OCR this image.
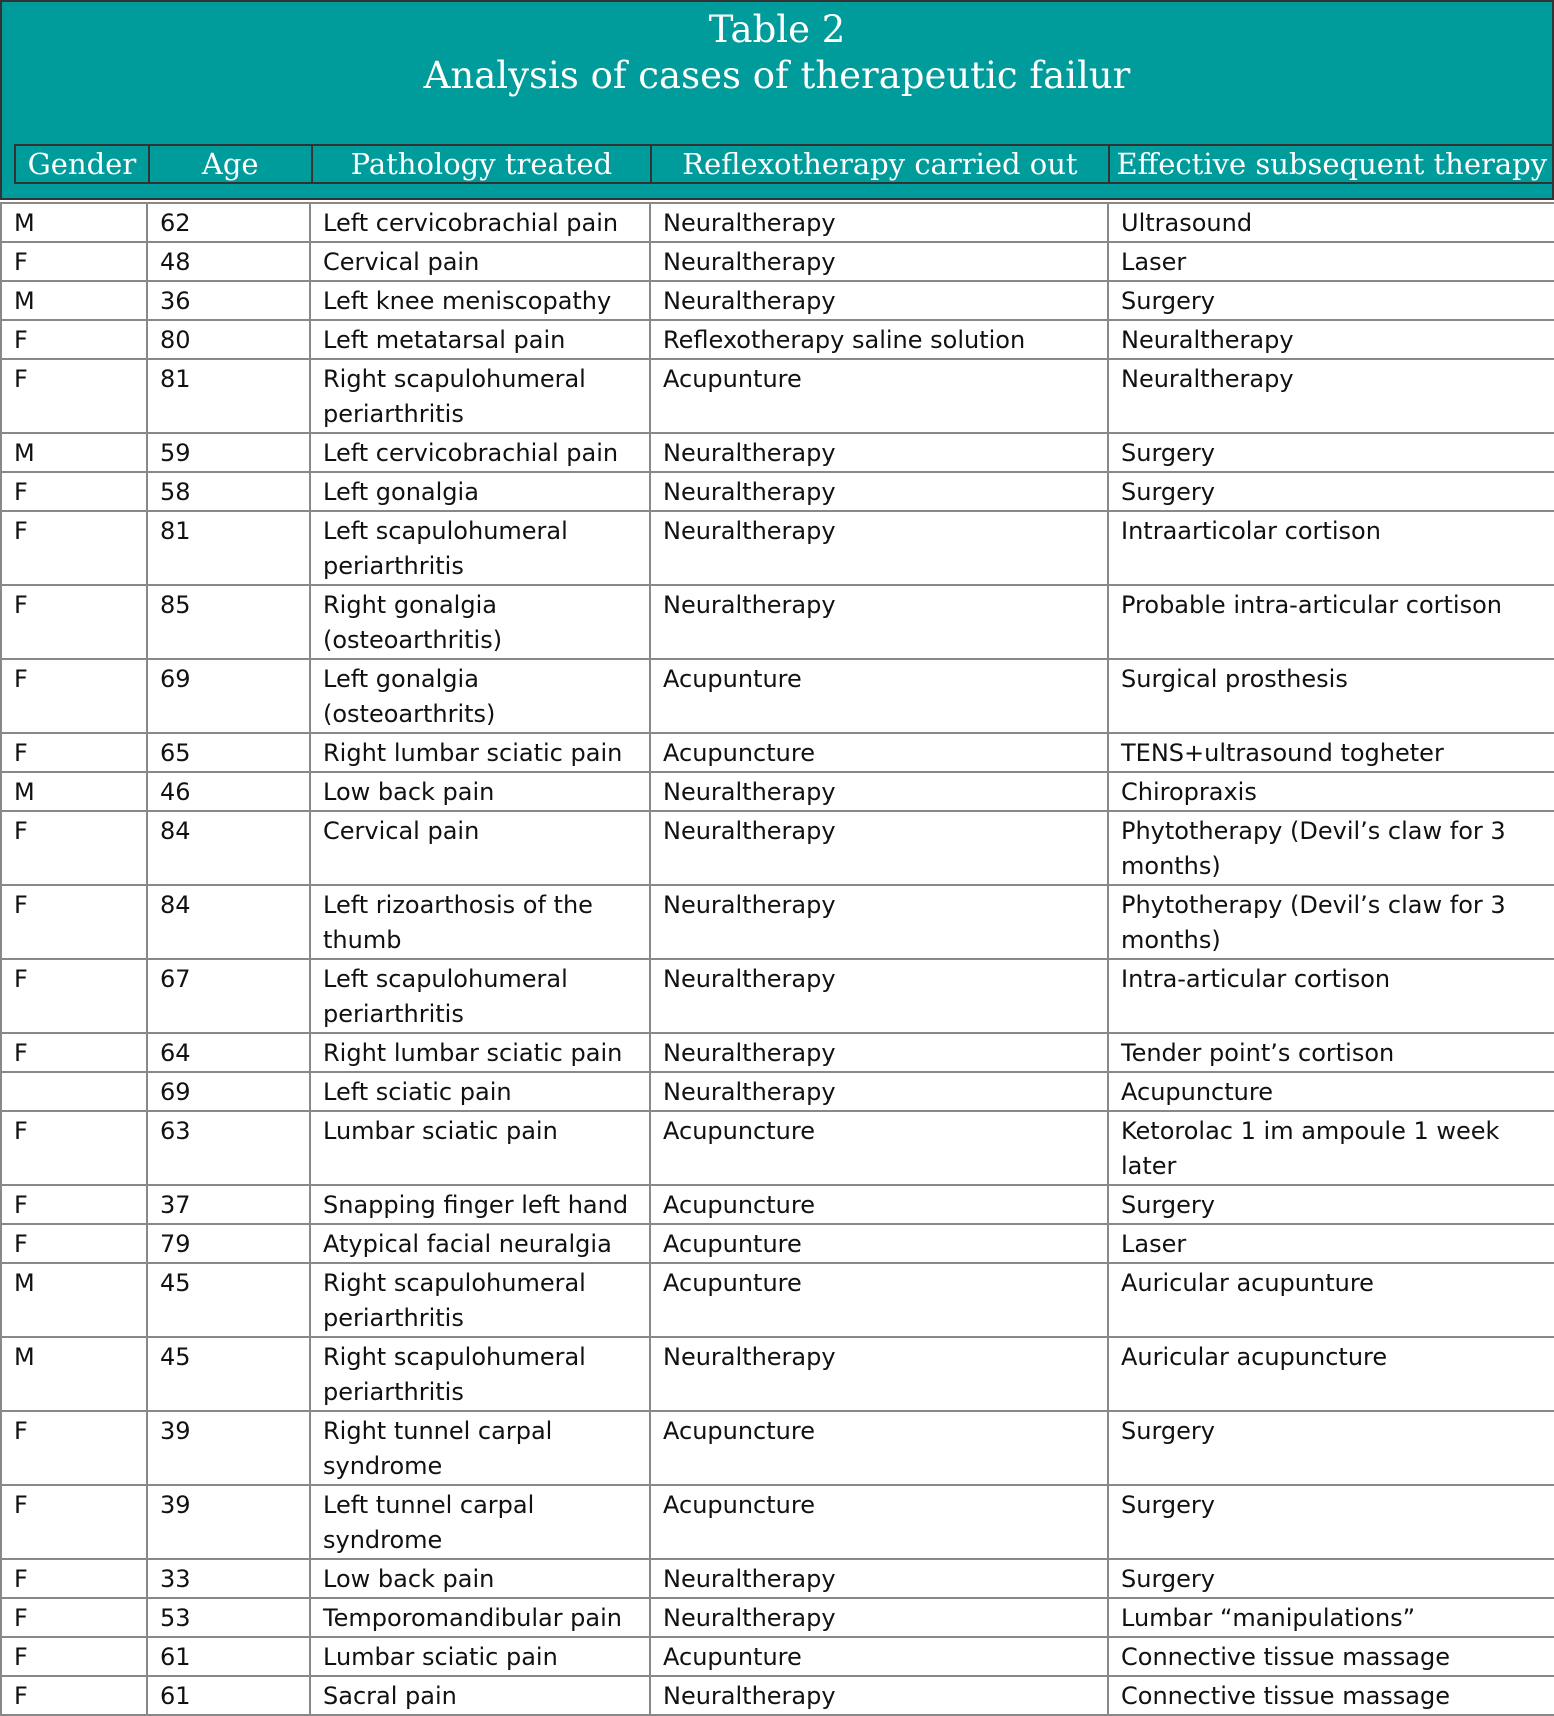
Table 2
Analysis of cases of therapeutic failur
Gender	Age	Pathology treated	Reflexotherapy carried out	Effective subsequent therapy
M	62	Left cervicobrachial pain	Neuraltherapy	Ultrasound
F	48	Cervical pain	Neuraltherapy	Laser
M	36	Left knee meniscopathy	Neuraltherapy	Surgery
F	80	Left metatarsal pain	Reflexotherapy saline solution	Neuraltherapy
F	81	Right scapulohumeral periarthritis	Acupunture	Neuraltherapy
M	59	Left cervicobrachial pain	Neuraltherapy	Surgery
F	58	Left gonalgia	Neuraltherapy	Surgery
F	81	Left scapulohumeral periarthritis	Neuraltherapy	Intraarticolar cortison
F	85	Right gonalgia (osteoarthritis)	Neuraltherapy	Probable intra-articular cortison
F	69	Left gonalgia (osteoarthrits)	Acupunture	Surgical prosthesis
F	65	Right lumbar sciatic pain	Acupuncture	TENS+ultrasound togheter
M	46	Low back pain	Neuraltherapy	Chiropraxis
F	84	Cervical pain	Neuraltherapy	Phytotherapy (Devil’s claw for 3 months)
F	84	Left rizoarthosis of the thumb	Neuraltherapy	Phytotherapy (Devil’s claw for 3 months)
F	67	Left scapulohumeral periarthritis	Neuraltherapy	Intra-articular cortison
F	64	Right lumbar sciatic pain	Neuraltherapy	Tender point’s cortison
	69	Left sciatic pain	Neuraltherapy	Acupuncture
F	63	Lumbar sciatic pain	Acupuncture	Ketorolac 1 im ampoule 1 week later
F	37	Snapping finger left hand	Acupuncture	Surgery
F	79	Atypical facial neuralgia	Acupunture	Laser
M	45	Right scapulohumeral periarthritis	Acupunture	Auricular acupunture
M	45	Right scapulohumeral periarthritis	Neuraltherapy	Auricular acupuncture
F	39	Right tunnel carpal syndrome	Acupuncture	Surgery
F	39	Left tunnel carpal syndrome	Acupuncture	Surgery
F	33	Low back pain	Neuraltherapy	Surgery
F	53	Temporomandibular pain	Neuraltherapy	Lumbar “manipulations”
F	61	Lumbar sciatic pain	Acupunture	Connective tissue massage
F	61	Sacral pain	Neuraltherapy	Connective tissue massage
